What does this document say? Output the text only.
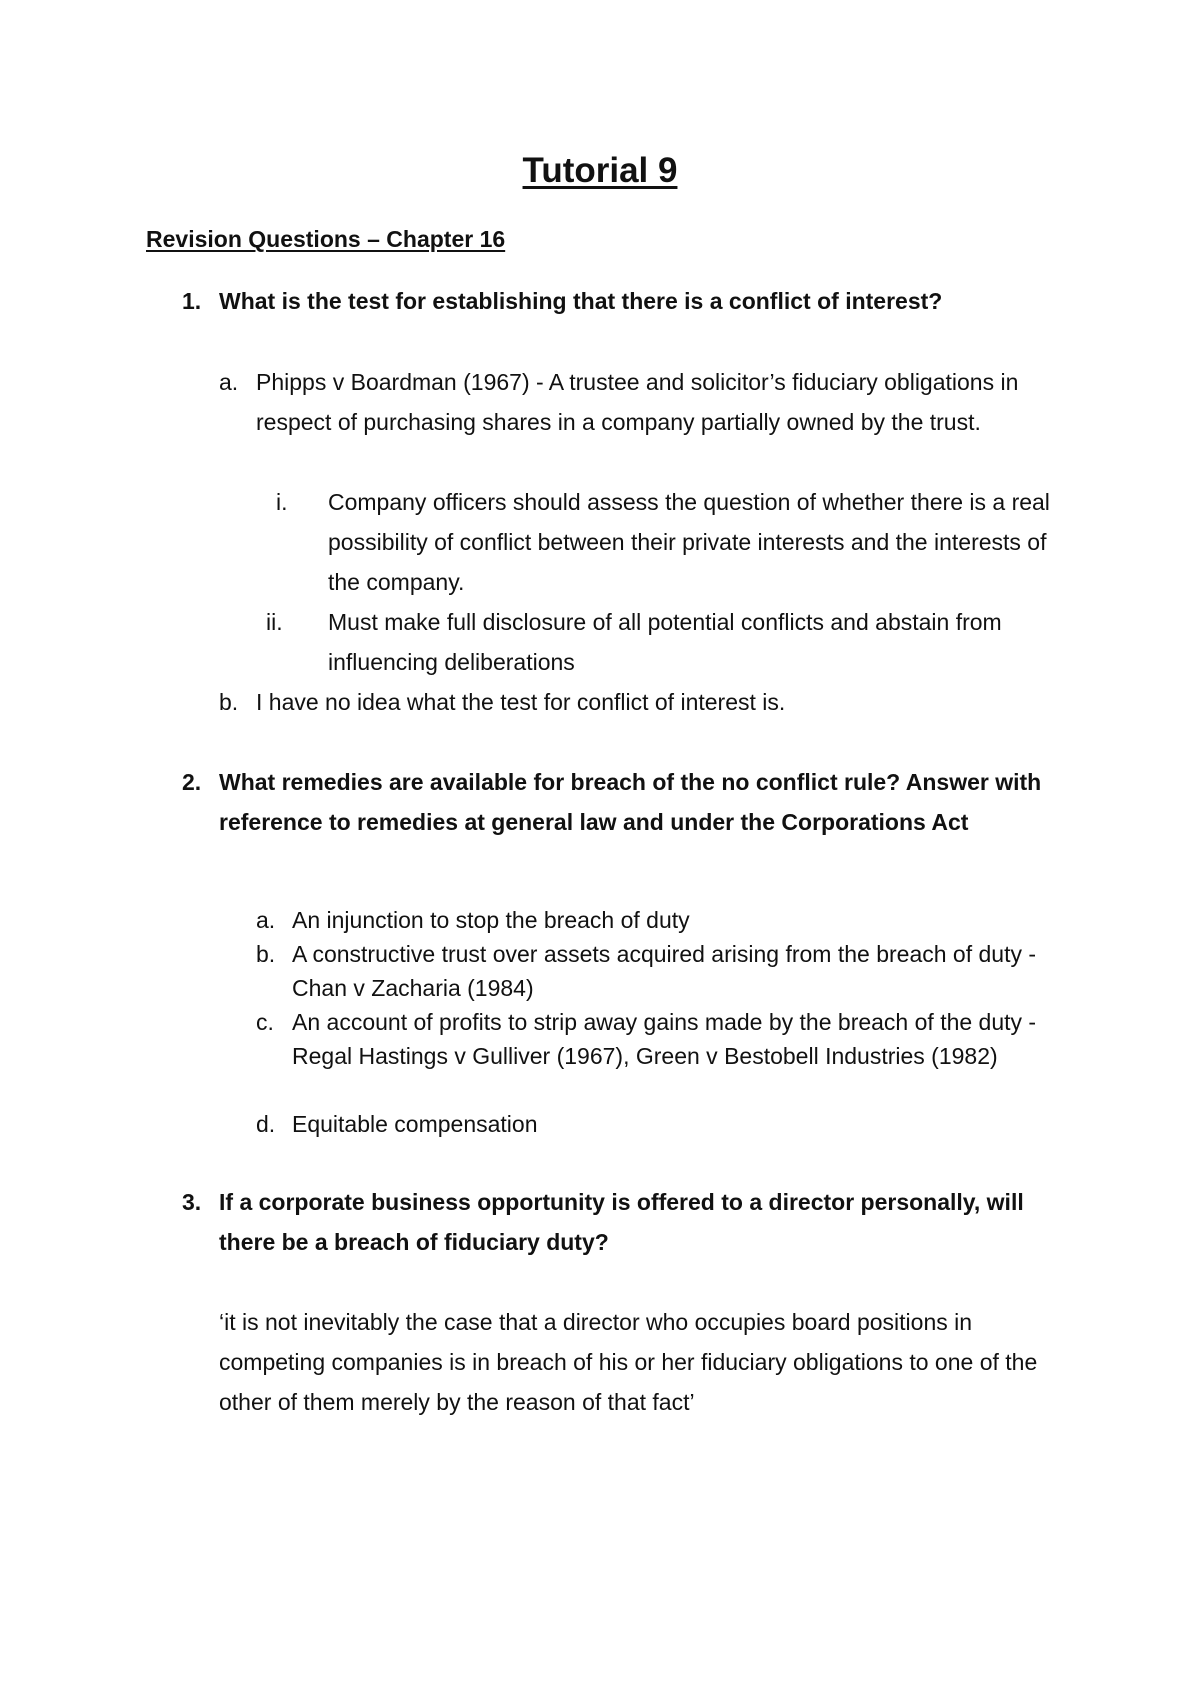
Tutorial 9
Revision Questions – Chapter 16
1. What is the test for establishing that there is a conflict of interest?
a. Phipps v Boardman (1967) - A trustee and solicitor’s fiduciary obligations in respect of purchasing shares in a company partially owned by the trust.
i. Company officers should assess the question of whether there is a real possibility of conflict between their private interests and the interests of the company.
ii. Must make full disclosure of all potential conflicts and abstain from influencing deliberations
b. I have no idea what the test for conflict of interest is.
2. What remedies are available for breach of the no conflict rule? Answer with reference to remedies at general law and under the Corporations Act
a. An injunction to stop the breach of duty
b. A constructive trust over assets acquired arising from the breach of duty - Chan v Zacharia (1984)
c. An account of profits to strip away gains made by the breach of the duty - Regal Hastings v Gulliver (1967), Green v Bestobell Industries (1982)
d. Equitable compensation
3. If a corporate business opportunity is offered to a director personally, will there be a breach of fiduciary duty?
‘it is not inevitably the case that a director who occupies board positions in competing companies is in breach of his or her fiduciary obligations to one of the other of them merely by the reason of that fact’
